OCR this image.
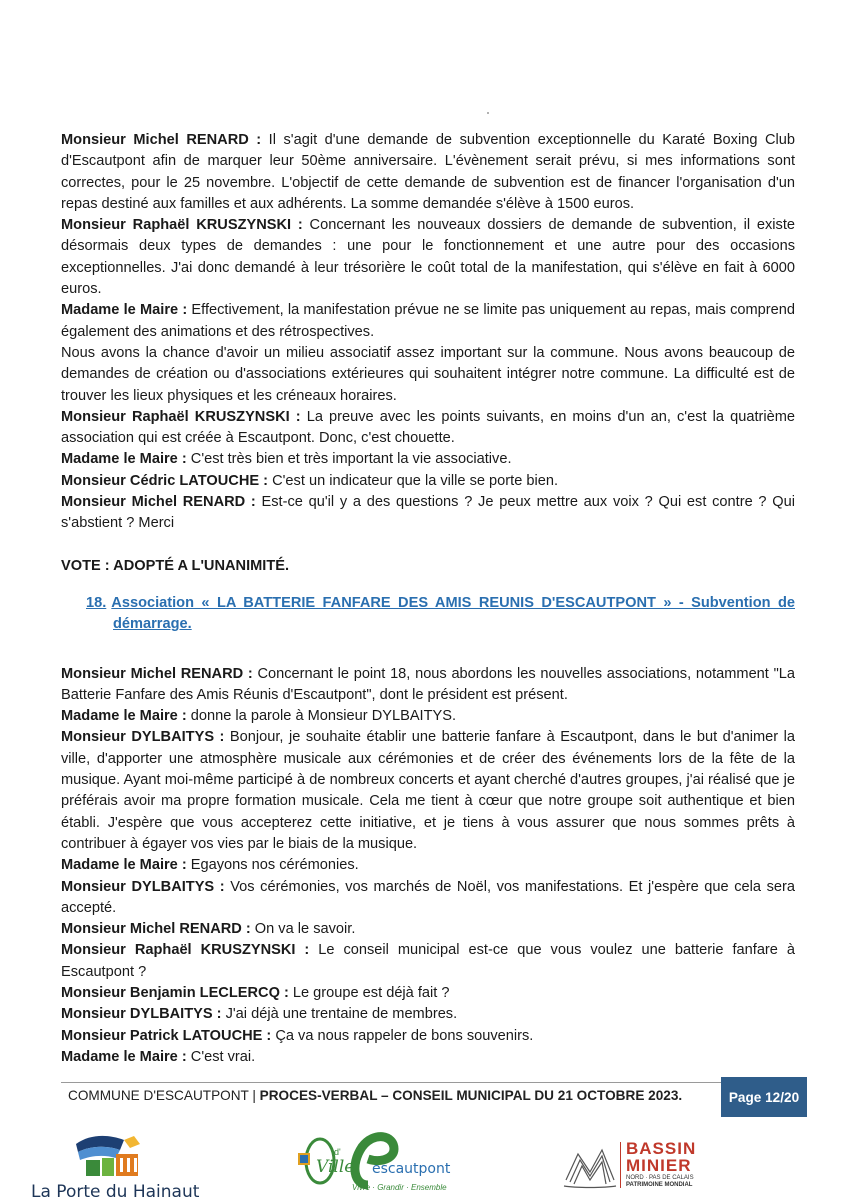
Monsieur Michel RENARD : Il s'agit d'une demande de subvention exceptionnelle du Karaté Boxing Club d'Escautpont afin de marquer leur 50ème anniversaire. L'évènement serait prévu, si mes informations sont correctes, pour le 25 novembre. L'objectif de cette demande de subvention est de financer l'organisation d'un repas destiné aux familles et aux adhérents. La somme demandée s'élève à 1500 euros.

Monsieur Raphaël KRUSZYNSKI : Concernant les nouveaux dossiers de demande de subvention, il existe désormais deux types de demandes : une pour le fonctionnement et une autre pour des occasions exceptionnelles. J'ai donc demandé à leur trésorière le coût total de la manifestation, qui s'élève en fait à 6000 euros.

Madame le Maire : Effectivement, la manifestation prévue ne se limite pas uniquement au repas, mais comprend également des animations et des rétrospectives.

Nous avons la chance d'avoir un milieu associatif assez important sur la commune. Nous avons beaucoup de demandes de création ou d'associations extérieures qui souhaitent intégrer notre commune. La difficulté est de trouver les lieux physiques et les créneaux horaires.

Monsieur Raphaël KRUSZYNSKI : La preuve avec les points suivants, en moins d'un an, c'est la quatrième association qui est créée à Escautpont. Donc, c'est chouette.

Madame le Maire : C'est très bien et très important la vie associative.

Monsieur Cédric LATOUCHE : C'est un indicateur que la ville se porte bien.

Monsieur Michel RENARD : Est-ce qu'il y a des questions ? Je peux mettre aux voix ? Qui est contre ? Qui s'abstient ? Merci

VOTE : ADOPTÉ A L'UNANIMITÉ.

18. Association « LA BATTERIE FANFARE DES AMIS REUNIS D'ESCAUTPONT » - Subvention de démarrage.

Monsieur Michel RENARD : Concernant le point 18, nous abordons les nouvelles associations, notamment "La Batterie Fanfare des Amis Réunis d'Escautpont", dont le président est présent.

Madame le Maire : donne la parole à Monsieur DYLBAITYS.

Monsieur DYLBAITYS : Bonjour, je souhaite établir une batterie fanfare à Escautpont, dans le but d'animer la ville, d'apporter une atmosphère musicale aux cérémonies et de créer des événements lors de la fête de la musique. Ayant moi-même participé à de nombreux concerts et ayant cherché d'autres groupes, j'ai réalisé que je préférais avoir ma propre formation musicale. Cela me tient à cœur que notre groupe soit authentique et bien établi. J'espère que vous accepterez cette initiative, et je tiens à vous assurer que nous sommes prêts à contribuer à égayer vos vies par le biais de la musique.

Madame le Maire : Egayons nos cérémonies.

Monsieur DYLBAITYS : Vos cérémonies, vos marchés de Noël, vos manifestations. Et j'espère que cela sera accepté.

Monsieur Michel RENARD : On va le savoir.

Monsieur Raphaël KRUSZYNSKI : Le conseil municipal est-ce que vous voulez une batterie fanfare à Escautpont ?

Monsieur Benjamin LECLERCQ : Le groupe est déjà fait ?

Monsieur DYLBAITYS : J'ai déjà une trentaine de membres.

Monsieur Patrick LATOUCHE : Ça va nous rappeler de bons souvenirs.

Madame le Maire : C'est vrai.

COMMUNE D'ESCAUTPONT | PROCES-VERBAL – CONSEIL MUNICIPAL DU 21 OCTOBRE 2023.	Page 12/20
La Porte du Hainaut
Ville
d'
escautpont
Vivre · Grandir · Ensemble
BASSIN
MINIER
NORD · PAS DE CALAIS
PATRIMOINE MONDIAL
